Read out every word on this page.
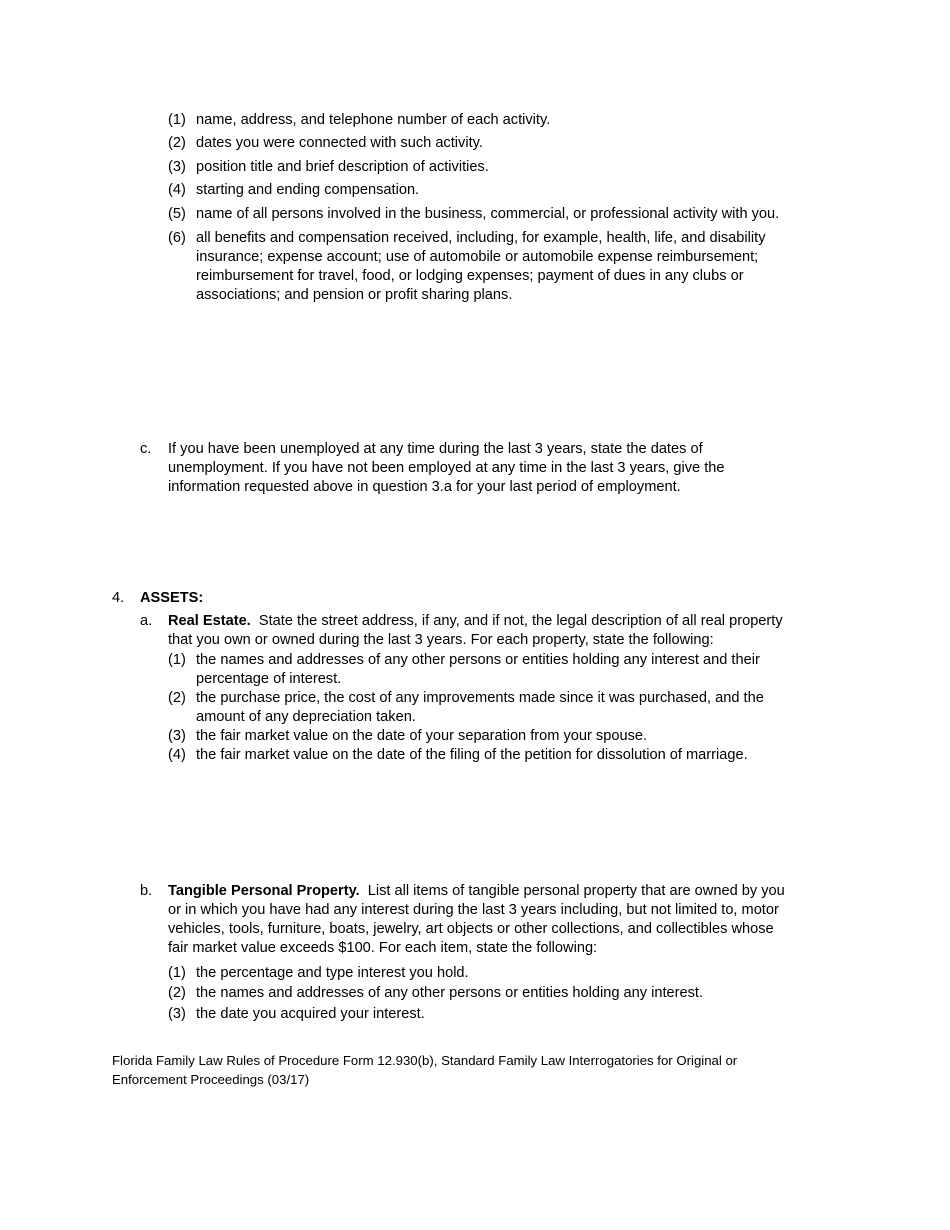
(1) name, address, and telephone number of each activity.
(2) dates you were connected with such activity.
(3) position title and brief description of activities.
(4) starting and ending compensation.
(5) name of all persons involved in the business, commercial, or professional activity with you.
(6) all benefits and compensation received, including, for example, health, life, and disability
insurance; expense account; use of automobile or automobile expense reimbursement;
reimbursement for travel, food, or lodging expenses; payment of dues in any clubs or
associations; and pension or profit sharing plans.
c. If you have been unemployed at any time during the last 3 years, state the dates of
unemployment. If you have not been employed at any time in the last 3 years, give the
information requested above in question 3.a for your last period of employment.
4. ASSETS:
a. Real Estate. State the street address, if any, and if not, the legal description of all real property
that you own or owned during the last 3 years. For each property, state the following:
(1) the names and addresses of any other persons or entities holding any interest and their
percentage of interest.
(2) the purchase price, the cost of any improvements made since it was purchased, and the
amount of any depreciation taken.
(3) the fair market value on the date of your separation from your spouse.
(4) the fair market value on the date of the filing of the petition for dissolution of marriage.
b. Tangible Personal Property. List all items of tangible personal property that are owned by you
or in which you have had any interest during the last 3 years including, but not limited to, motor
vehicles, tools, furniture, boats, jewelry, art objects or other collections, and collectibles whose
fair market value exceeds $100. For each item, state the following:
(1) the percentage and type interest you hold.
(2) the names and addresses of any other persons or entities holding any interest.
(3) the date you acquired your interest.
Florida Family Law Rules of Procedure Form 12.930(b), Standard Family Law Interrogatories for Original or
Enforcement Proceedings (03/17)
